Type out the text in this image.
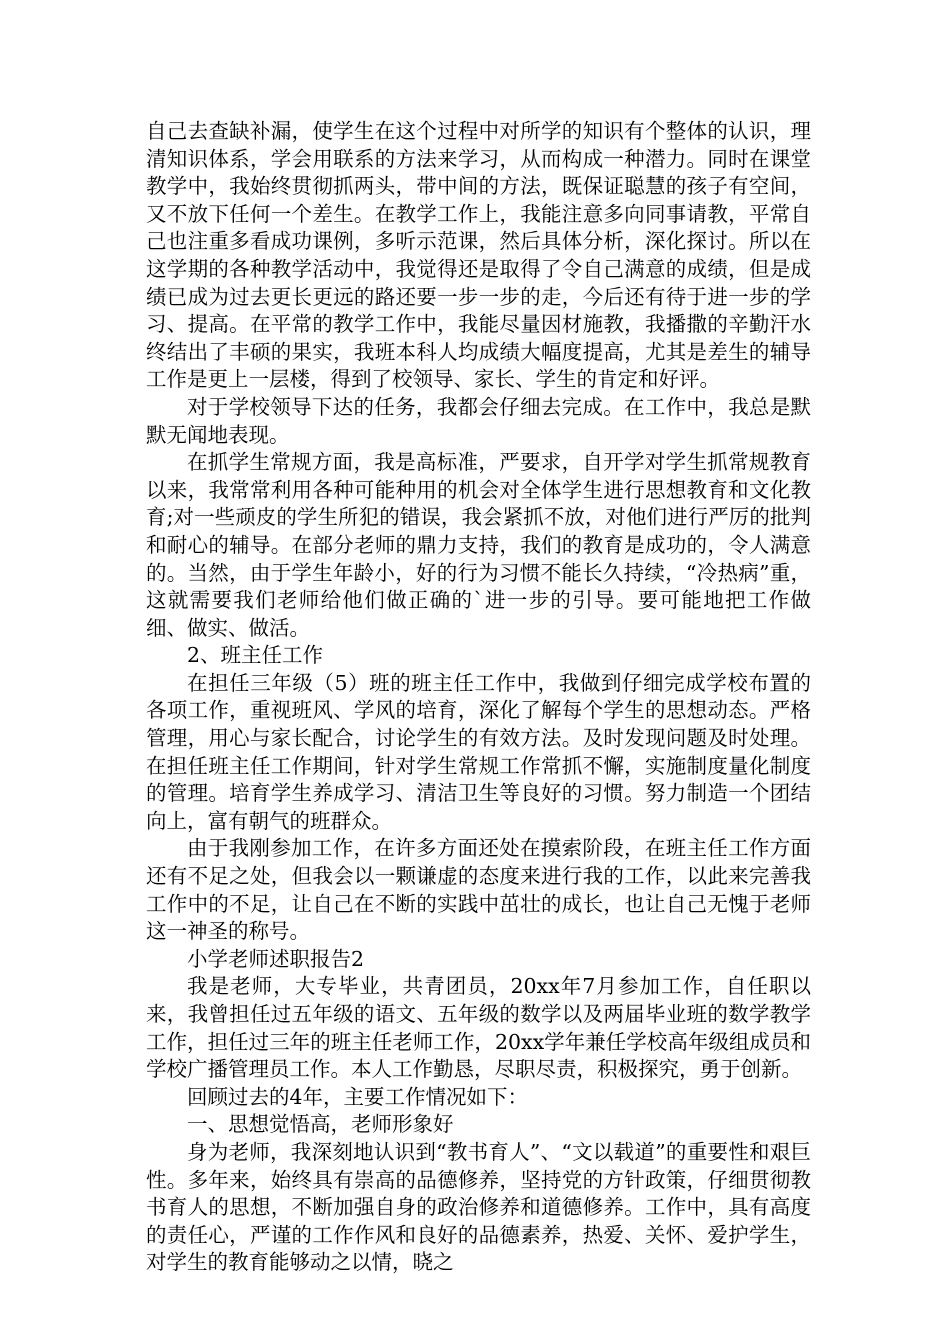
自己去查缺补漏，使学生在这个过程中对所学的知识有个整体的认识，理清知识体系，学会用联系的方法来学习，从而构成一种潜力。同时在课堂教学中，我始终贯彻抓两头，带中间的方法，既保证聪慧的孩子有空间，又不放下任何一个差生。在教学工作上，我能注意多向同事请教，平常自己也注重多看成功课例，多听示范课，然后具体分析，深化探讨。所以在这学期的各种教学活动中，我觉得还是取得了令自己满意的成绩，但是成绩已成为过去更长更远的路还要一步一步的走，今后还有待于进一步的学习、提高。在平常的教学工作中，我能尽量因材施教，我播撒的辛勤汗水终结出了丰硕的果实，我班本科人均成绩大幅度提高，尤其是差生的辅导工作是更上一层楼，得到了校领导、家长、学生的肯定和好评。

对于学校领导下达的任务，我都会仔细去完成。在工作中，我总是默默无闻地表现。

在抓学生常规方面，我是高标准，严要求，自开学对学生抓常规教育以来，我常常利用各种可能种用的机会对全体学生进行思想教育和文化教育;对一些顽皮的学生所犯的错误，我会紧抓不放，对他们进行严厉的批判和耐心的辅导。在部分老师的鼎力支持，我们的教育是成功的，令人满意的。当然，由于学生年龄小，好的行为习惯不能长久持续，“冷热病”重，这就需要我们老师给他们做正确的`进一步的引导。要可能地把工作做细、做实、做活。

2、班主任工作

在担任三年级（5）班的班主任工作中，我做到仔细完成学校布置的各项工作，重视班风、学风的培育，深化了解每个学生的思想动态。严格管理，用心与家长配合，讨论学生的有效方法。及时发现问题及时处理。在担任班主任工作期间，针对学生常规工作常抓不懈，实施制度量化制度的管理。培育学生养成学习、清洁卫生等良好的习惯。努力制造一个团结向上，富有朝气的班群众。

由于我刚参加工作，在许多方面还处在摸索阶段，在班主任工作方面还有不足之处，但我会以一颗谦虚的态度来进行我的工作，以此来完善我工作中的不足，让自己在不断的实践中茁壮的成长，也让自己无愧于老师这一神圣的称号。

小学老师述职报告2

我是老师，大专毕业，共青团员，20xx年7月参加工作，自任职以来，我曾担任过五年级的语文、五年级的数学以及两届毕业班的数学教学工作，担任过三年的班主任老师工作，20xx学年兼任学校高年级组成员和学校广播管理员工作。本人工作勤恳，尽职尽责，积极探究，勇于创新。

回顾过去的4年，主要工作情况如下：

一、思想觉悟高，老师形象好

身为老师，我深刻地认识到“教书育人”、“文以载道”的重要性和艰巨性。多年来，始终具有崇高的品德修养，坚持党的方针政策，仔细贯彻教书育人的思想，不断加强自身的政治修养和道德修养。工作中，具有高度的责任心，严谨的工作作风和良好的品德素养，热爱、关怀、爱护学生，对学生的教育能够动之以情，晓之
